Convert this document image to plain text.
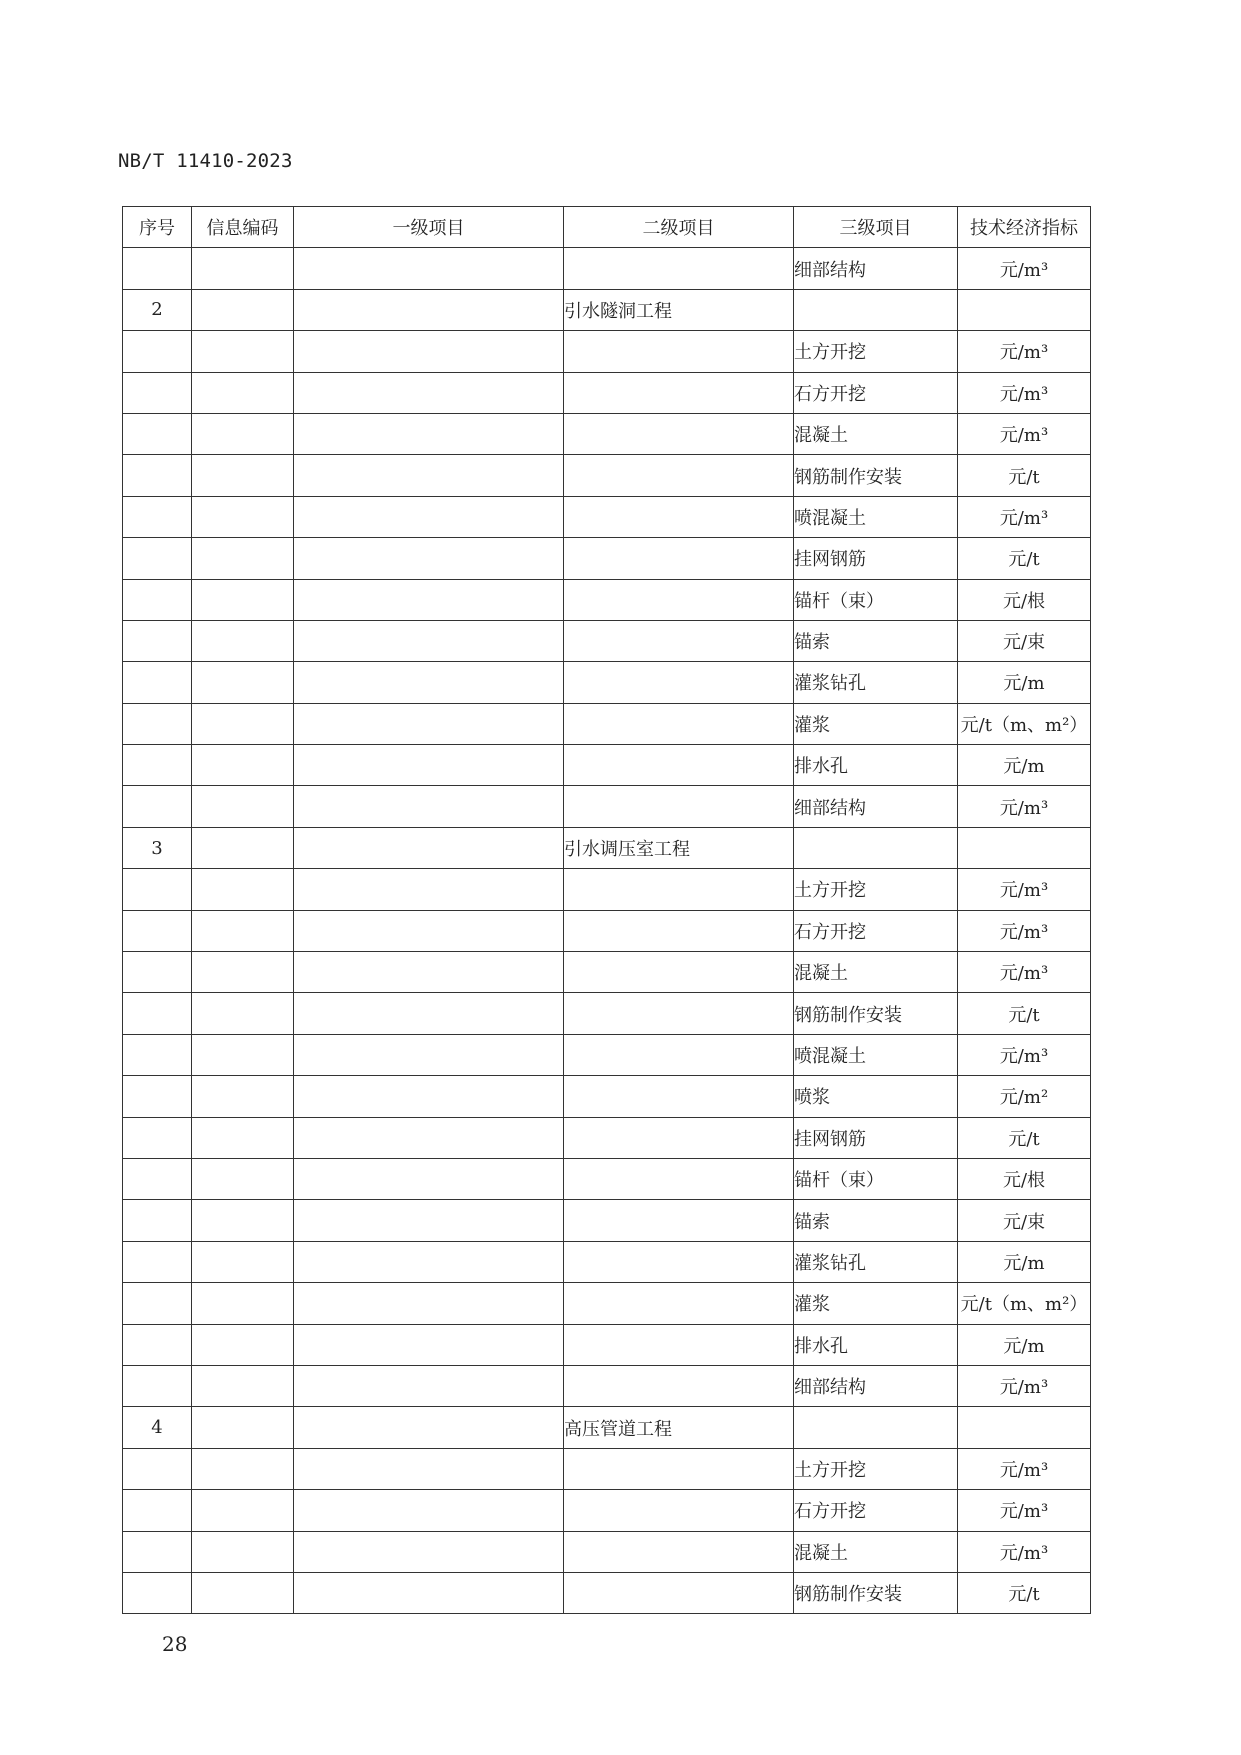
NB/T 11410-2023
序号	信息编码	一级项目	二级项目	三级项目	技术经济指标
				细部结构	元/m³
2			引水隧洞工程		
				土方开挖	元/m³
				石方开挖	元/m³
				混凝土	元/m³
				钢筋制作安装	元/t
				喷混凝土	元/m³
				挂网钢筋	元/t
				锚杆（束）	元/根
				锚索	元/束
				灌浆钻孔	元/m
				灌浆	元/t（m、m²）
				排水孔	元/m
				细部结构	元/m³
3			引水调压室工程		
				土方开挖	元/m³
				石方开挖	元/m³
				混凝土	元/m³
				钢筋制作安装	元/t
				喷混凝土	元/m³
				喷浆	元/m²
				挂网钢筋	元/t
				锚杆（束）	元/根
				锚索	元/束
				灌浆钻孔	元/m
				灌浆	元/t（m、m²）
				排水孔	元/m
				细部结构	元/m³
4			高压管道工程		
				土方开挖	元/m³
				石方开挖	元/m³
				混凝土	元/m³
				钢筋制作安装	元/t
28
